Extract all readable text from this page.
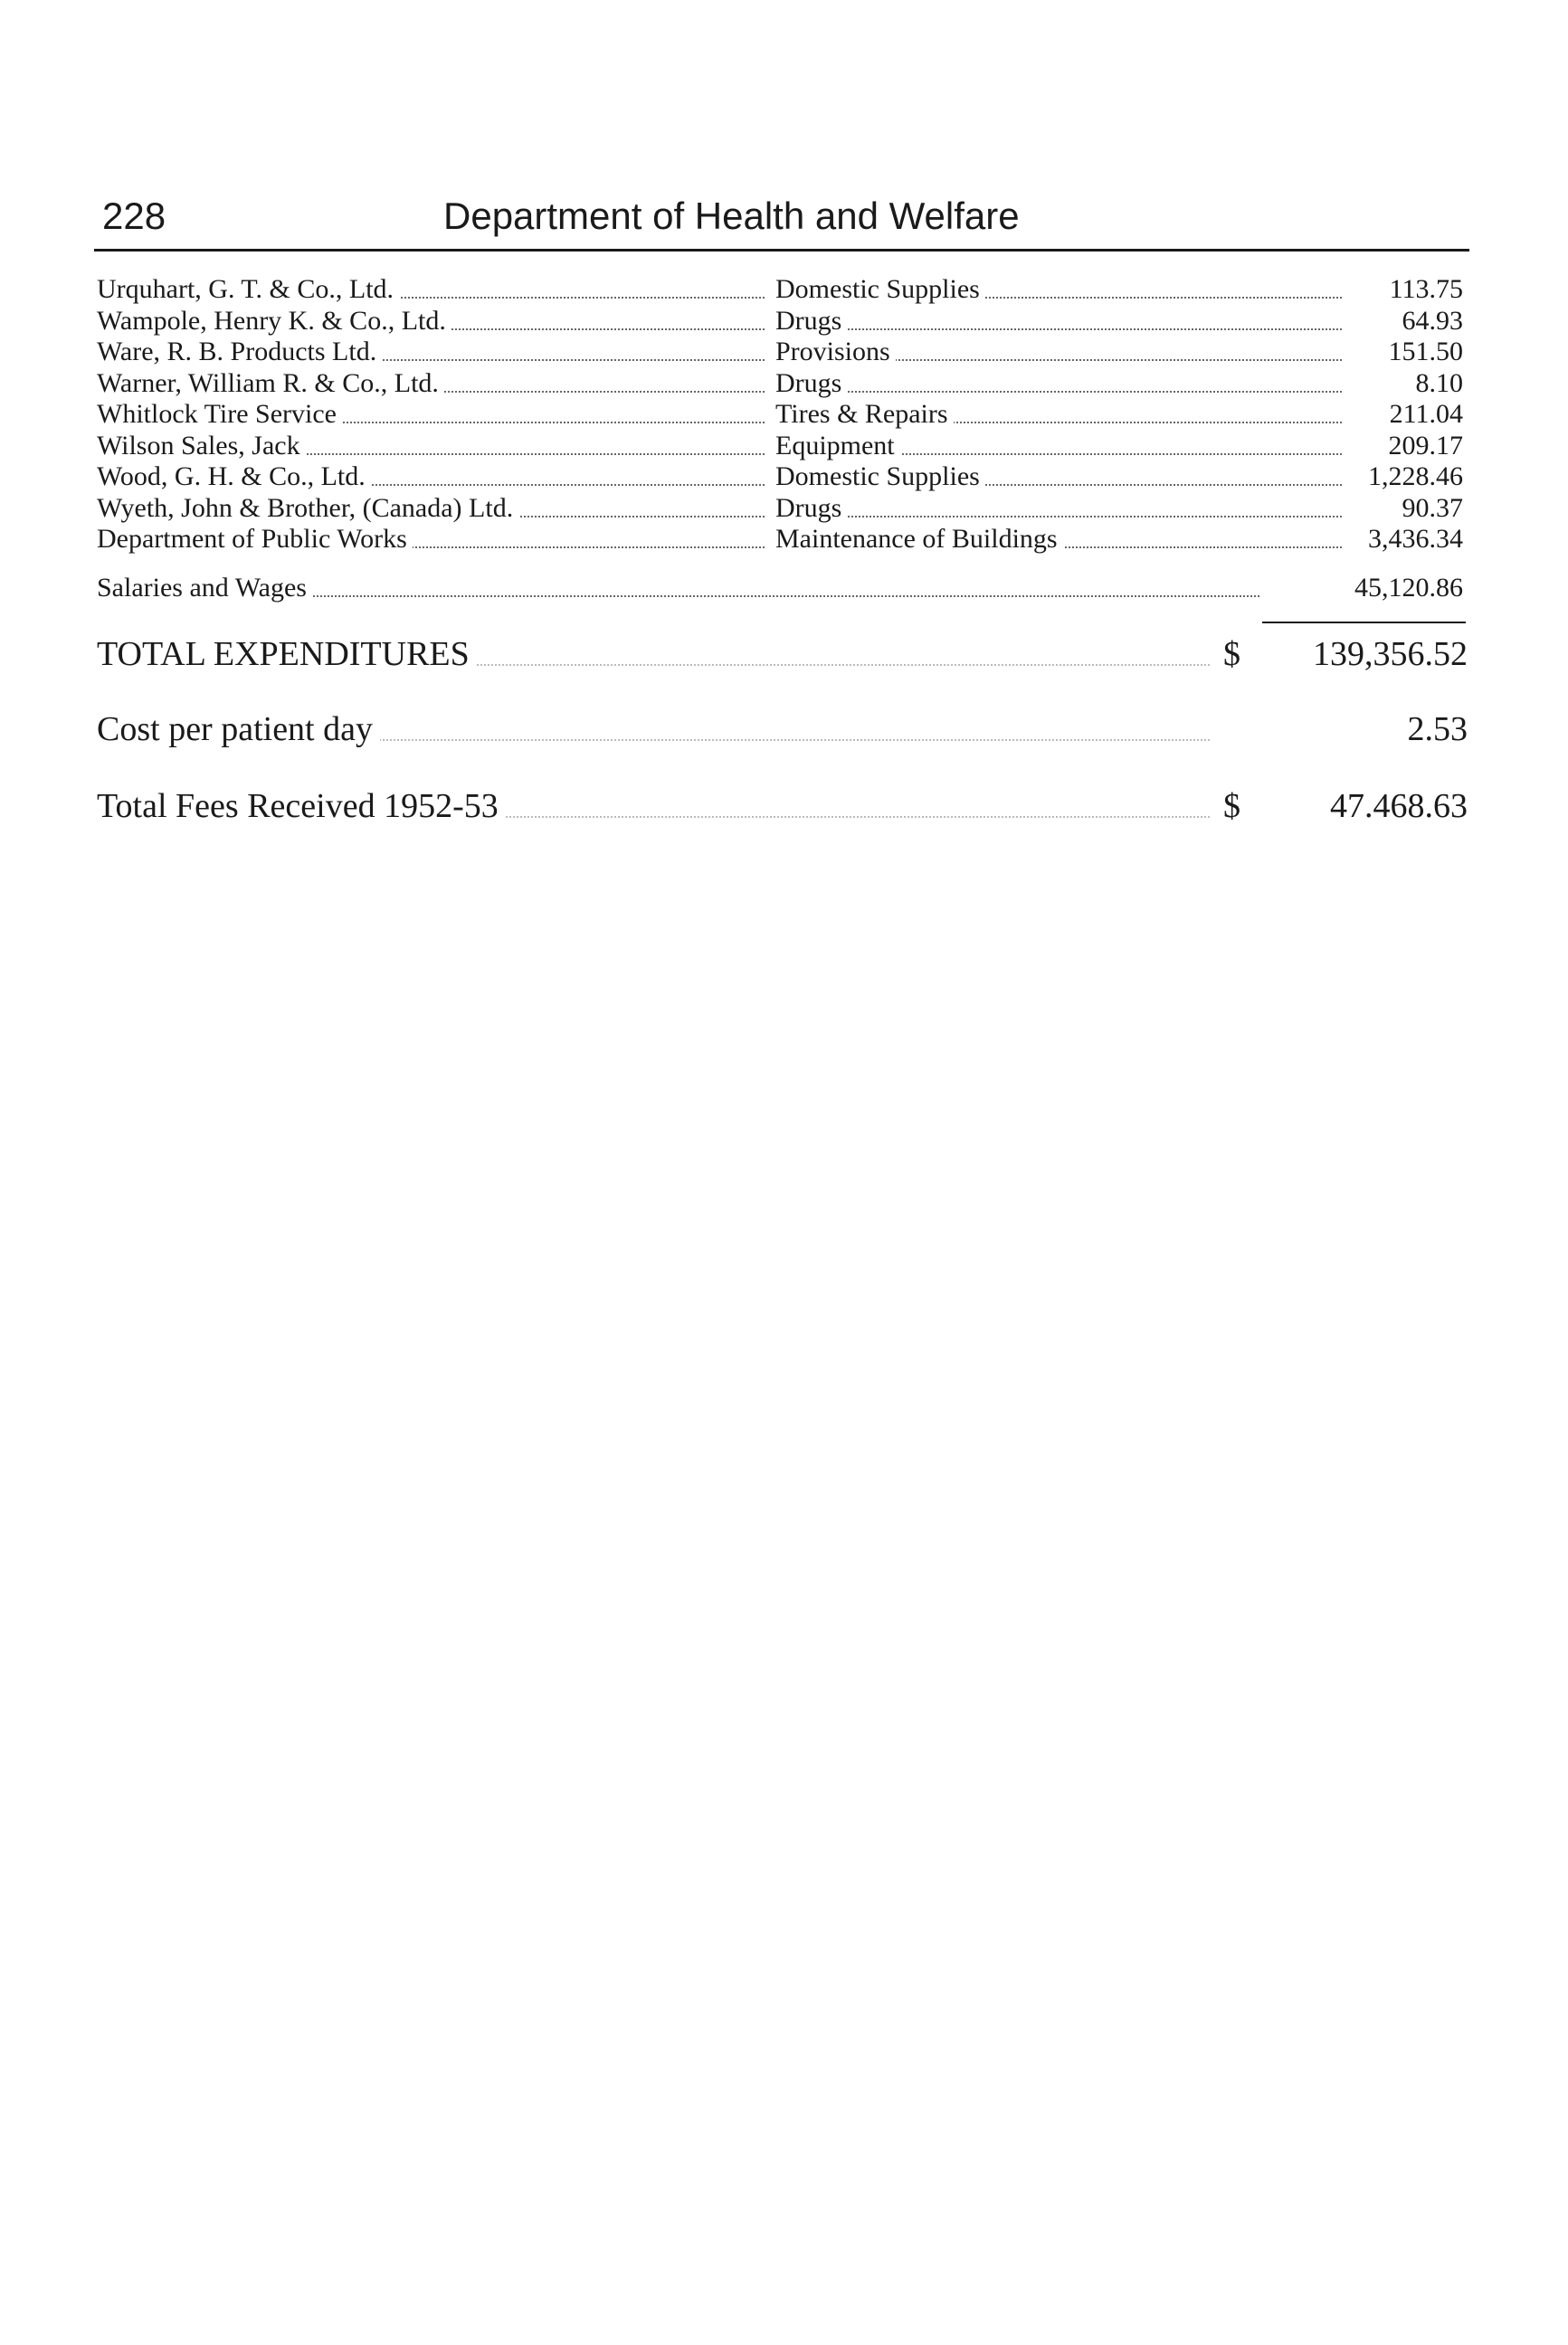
228	Department of Health and Welfare
Urquhart, G. T. & Co., Ltd.	Domestic Supplies	113.75
Wampole, Henry K. & Co., Ltd.	Drugs	64.93
Ware, R. B. Products Ltd.	Provisions	151.50
Warner, William R. & Co., Ltd.	Drugs	8.10
Whitlock Tire Service	Tires & Repairs	211.04
Wilson Sales, Jack	Equipment	209.17
Wood, G. H. & Co., Ltd.	Domestic Supplies	1,228.46
Wyeth, John & Brother, (Canada) Ltd.	Drugs	90.37
Department of Public Works	Maintenance of Buildings	3,436.34
Salaries and Wages	45,120.86
TOTAL EXPENDITURES	$ 139,356.52
Cost per patient day	2.53
Total Fees Received 1952-53	$	47.468.63
